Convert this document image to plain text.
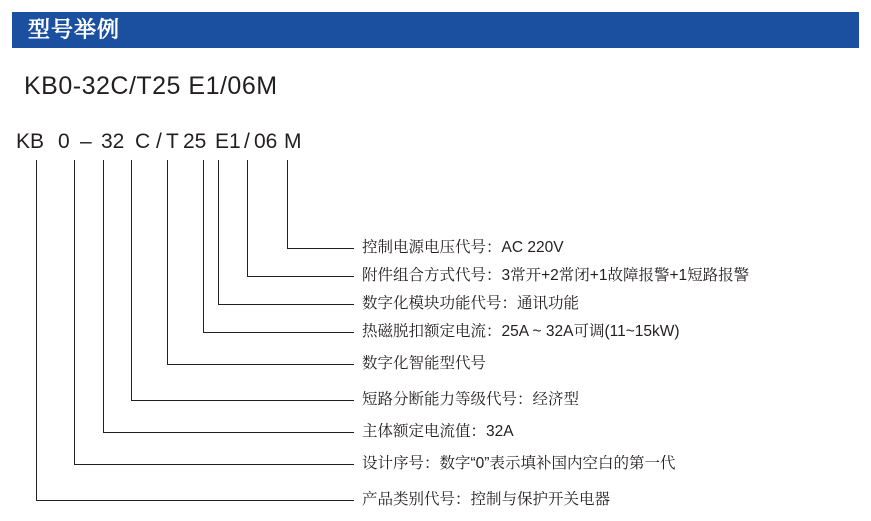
型号举例
KB0-32C/T25 E1/06M
KB 0 – 32 C / T 25 E 1 / 06 M
控制电源电压代号：AC 220V
附件组合方式代号：3常开+2常闭+1故障报警+1短路报警
数字化模块功能代号：通讯功能
热磁脱扣额定电流：25A ~ 32A可调(11~15kW)
数字化智能型代号
短路分断能力等级代号：经济型
主体额定电流值：32A
设计序号：数字“0”表示填补国内空白的第一代
产品类别代号：控制与保护开关电器
